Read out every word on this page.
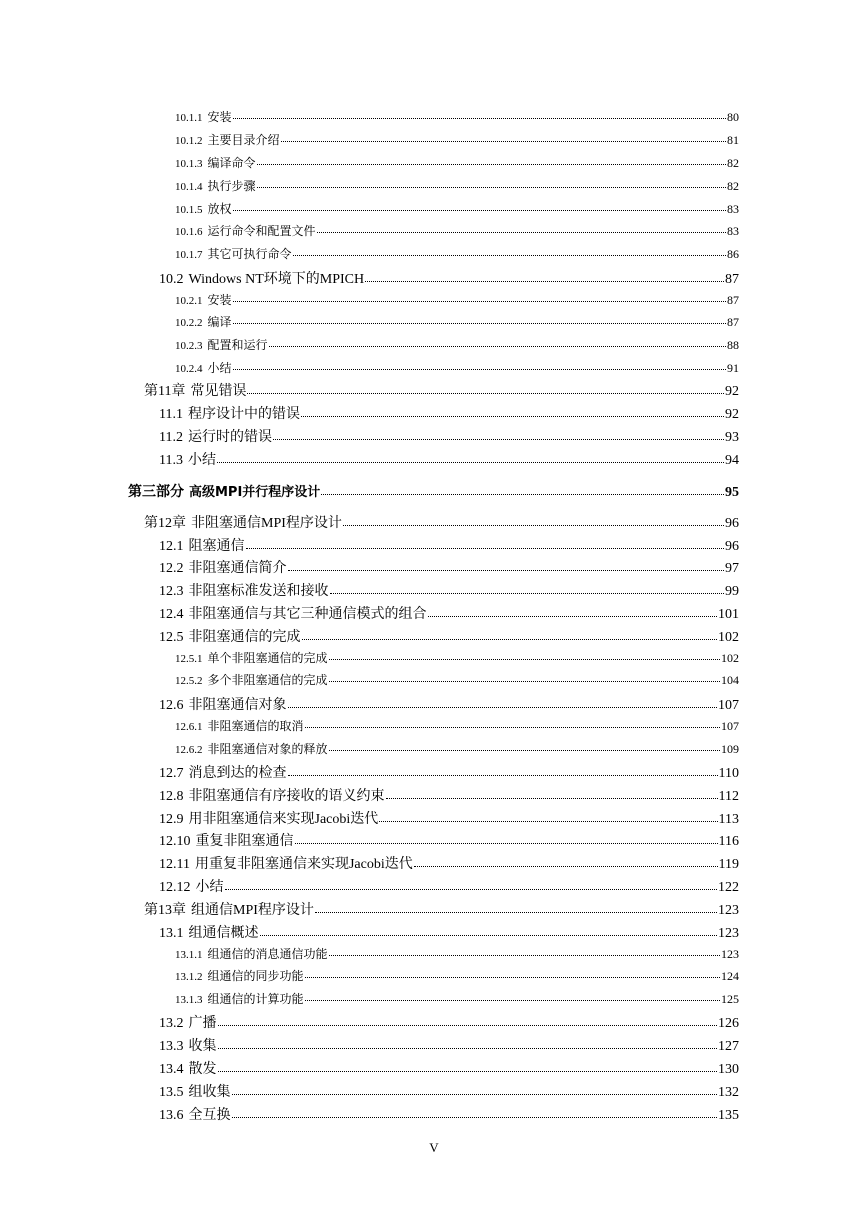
10.1.1 安装	80
10.1.2 主要目录介绍	81
10.1.3 编译命令	82
10.1.4 执行步骤	82
10.1.5 放权	83
10.1.6 运行命令和配置文件	83
10.1.7 其它可执行命令	86
10.2 Windows NT环境下的MPICH	87
10.2.1 安装	87
10.2.2 编译	87
10.2.3 配置和运行	88
10.2.4 小结	91
第11章 常见错误	92
11.1 程序设计中的错误	92
11.2 运行时的错误	93
11.3 小结	94
第三部分 高级MPI并行程序设计	95
第12章 非阻塞通信MPI程序设计	96
12.1 阻塞通信	96
12.2 非阻塞通信简介	97
12.3 非阻塞标准发送和接收	99
12.4 非阻塞通信与其它三种通信模式的组合	101
12.5 非阻塞通信的完成	102
12.5.1 单个非阻塞通信的完成	102
12.5.2 多个非阻塞通信的完成	104
12.6 非阻塞通信对象	107
12.6.1 非阻塞通信的取消	107
12.6.2 非阻塞通信对象的释放	109
12.7 消息到达的检查	110
12.8 非阻塞通信有序接收的语义约束	112
12.9 用非阻塞通信来实现Jacobi迭代	113
12.10 重复非阻塞通信	116
12.11 用重复非阻塞通信来实现Jacobi迭代	119
12.12 小结	122
第13章 组通信MPI程序设计	123
13.1 组通信概述	123
13.1.1 组通信的消息通信功能	123
13.1.2 组通信的同步功能	124
13.1.3 组通信的计算功能	125
13.2 广播	126
13.3 收集	127
13.4 散发	130
13.5 组收集	132
13.6 全互换	135
V
